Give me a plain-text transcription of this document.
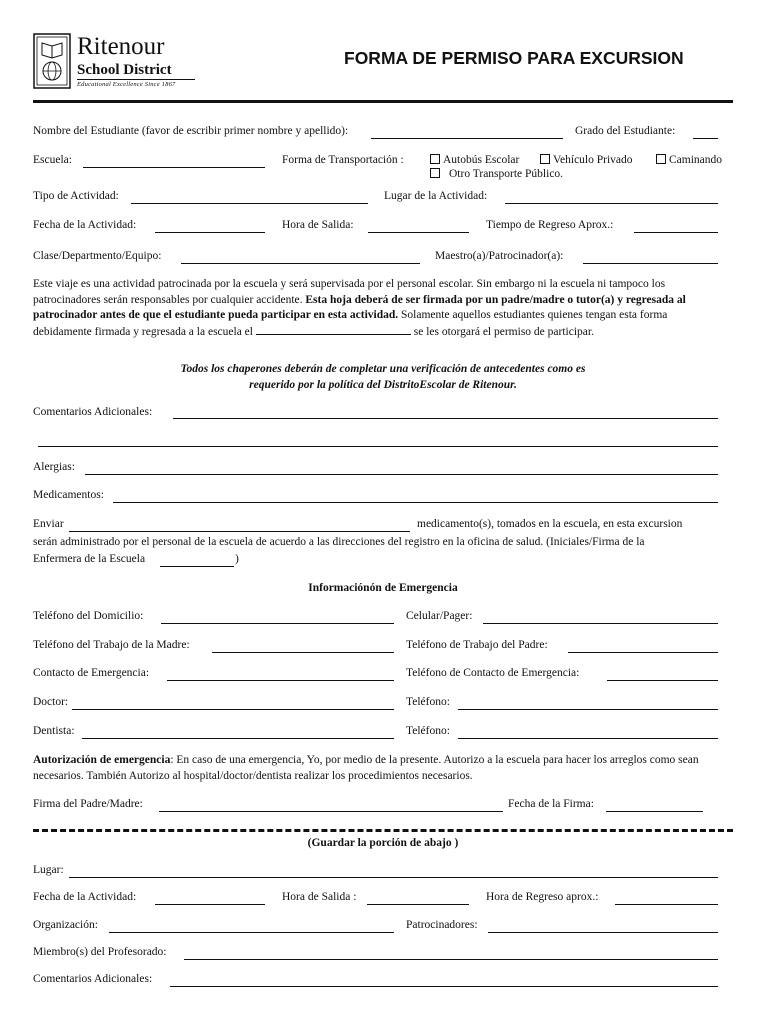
Ritenour
School District
Educational Excellence Since 1867
FORMA DE PERMISO PARA EXCURSION
Nombre del Estudiante (favor de escribir primer nombre y apellido):	Grado del Estudiante:
Escuela:	Forma de Transportación :	Autobús Escolar	Vehículo Privado	Caminando
Otro Transporte Público.
Tipo de Actividad:	Lugar de la Actividad:
Fecha de la Actividad:	Hora de Salida:	Tiempo de Regreso Aprox.:
Clase/Departmento/Equipo:	Maestro(a)/Patrocinador(a):
Este viaje es una actividad patrocinada por la escuela y será supervisada por el personal escolar. Sin embargo ni la escuela ni tampoco los patrocinadores serán responsables por cualquier accidente. Esta hoja deberá de ser firmada por un padre/madre o tutor(a) y regresada al patrocinador antes de que el estudiante pueda participar en esta actividad. Solamente aquellos estudiantes quienes tengan esta forma debidamente firmada y regresada a la escuela el	se les otorgará el permiso de participar.
Todos los chaperones deberán de completar una verificación de antecedentes como es
requerido por la política del DistritoEscolar de Ritenour.
Comentarios Adicionales:
Alergias:
Medicamentos:
Enviar	medicamento(s), tomados en la escuela, en esta excursion
serán administrado por el personal de la escuela de acuerdo a las direcciones del registro en la oficina de salud. (Iniciales/Firma de la
Enfermera de la Escuela	)
Informaciónón de Emergencia
Teléfono del Domicilio:	Celular/Pager:
Teléfono del Trabajo de la Madre:	Teléfono de Trabajo del Padre:
Contacto de Emergencia:	Teléfono de Contacto de Emergencia:
Doctor:	Teléfono:
Dentista:	Teléfono:
Autorización de emergencia: En caso de una emergencia, Yo, por medio de la presente. Autorizo a la escuela para hacer los arreglos como sean necesarios. También Autorizo al hospital/doctor/dentista realizar los procedimientos necesarios.
Firma del Padre/Madre:	Fecha de la Firma:
(Guardar la porción de abajo )
Lugar:
Fecha de la Actividad:	Hora de Salida :	Hora de Regreso aprox.:
Organización:	Patrocinadores:
Miembro(s) del Profesorado:
Comentarios Adicionales:
